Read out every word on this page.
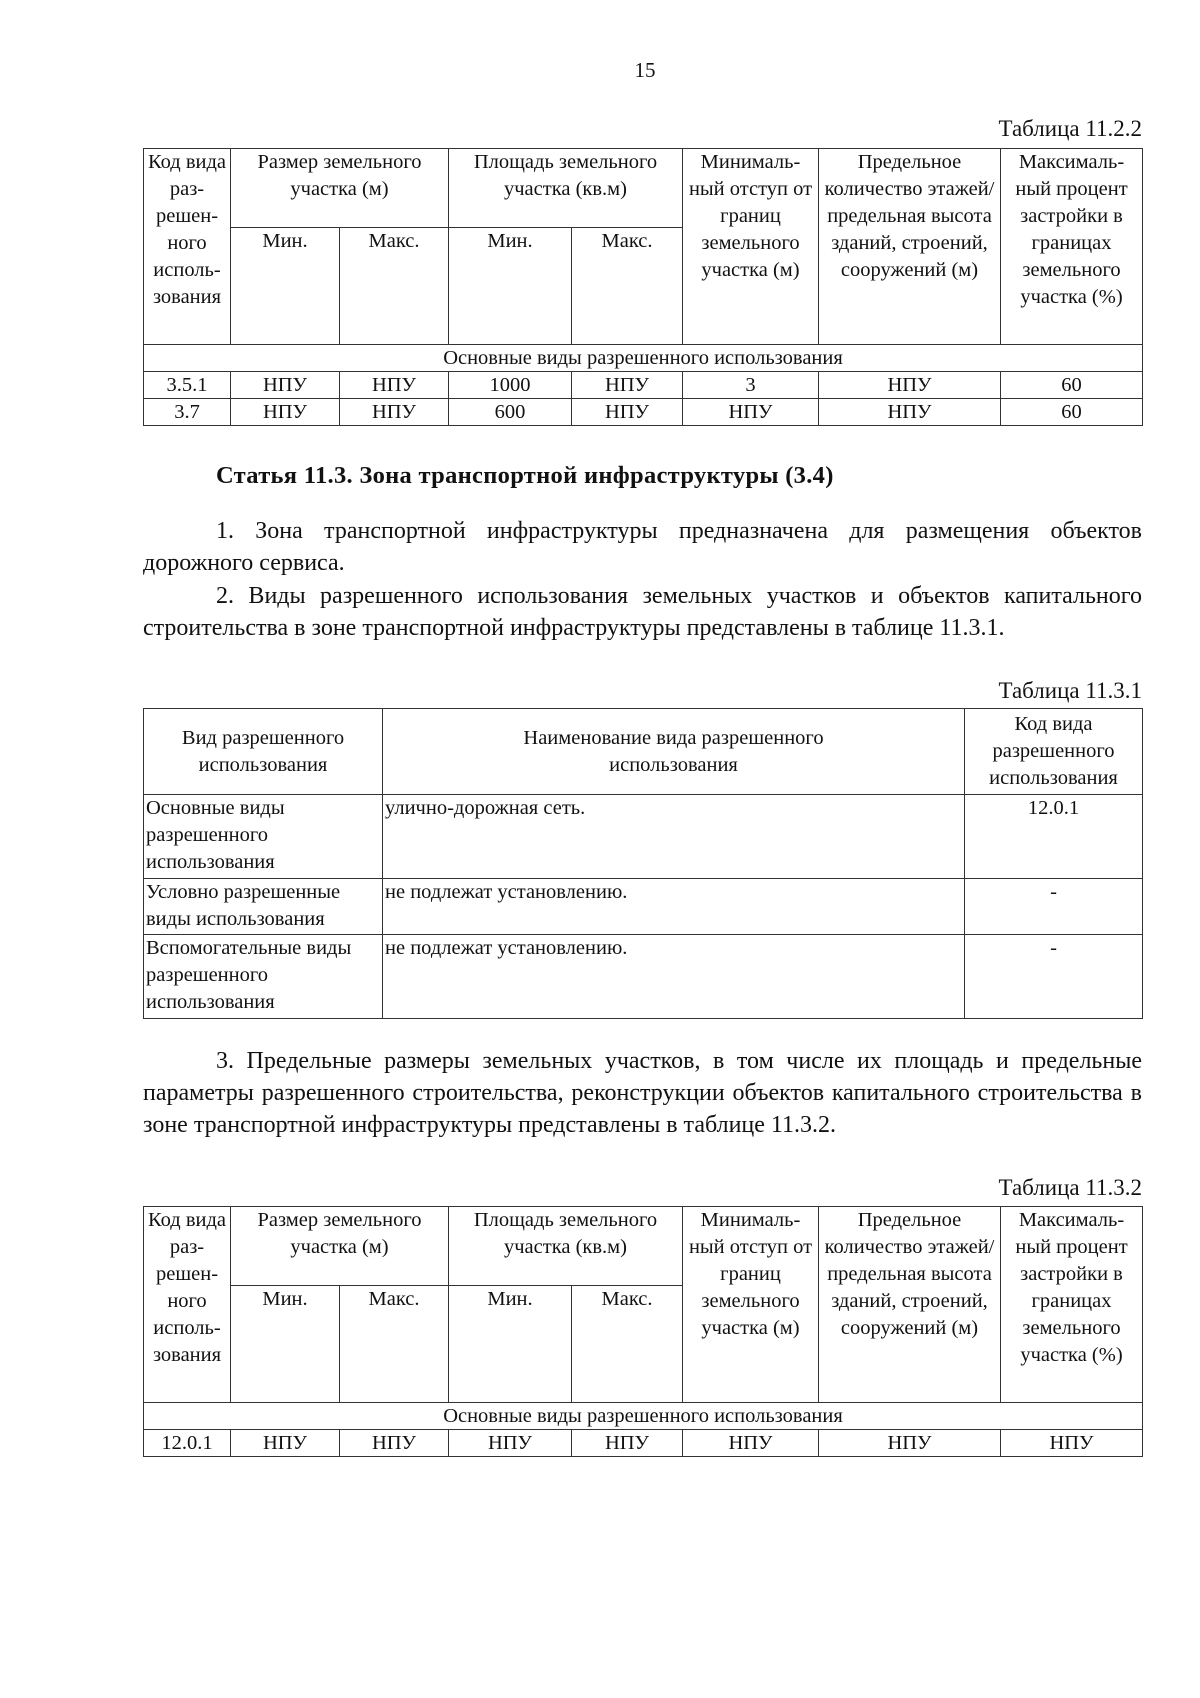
15
Таблица 11.2.2
Код вида раз-решен-ного исполь-зования	Размер земельного участка (м)		Площадь земельного участка (кв.м)		Минималь-ный отступ от границ земельного участка (м)	Предельное количество этажей/ предельная высота зданий, строений, сооружений (м)	Максималь-ный процент застройки в границах земельного участка (%)
	Мин.	Макс.	Мин.	Макс.			
Основные виды разрешенного использования							
3.5.1	НПУ	НПУ	1000	НПУ	3	НПУ	60
3.7	НПУ	НПУ	600	НПУ	НПУ	НПУ	60
Статья 11.3. Зона транспортной инфраструктуры (3.4)

1. Зона транспортной инфраструктуры предназначена для размещения объектов дорожного сервиса.

2. Виды разрешенного использования земельных участков и объектов капитального строительства в зоне транспортной инфраструктуры представлены в таблице 11.3.1.

Таблица 11.3.1
Вид разрешенного использования	Наименование вида разрешенного использования	Код вида разрешенного использования
Основные виды разрешенного использования	улично-дорожная сеть.	12.0.1
Условно разрешенные виды использования	не подлежат установлению.	-
Вспомогательные виды разрешенного использования	не подлежат установлению.	-

3. Предельные размеры земельных участков, в том числе их площадь и предельные параметры разрешенного строительства, реконструкции объектов капитального строительства в зоне транспортной инфраструктуры представлены в таблице 11.3.2.

Таблица 11.3.2
Код вида раз-решен-ного исполь-зования	Размер земельного участка (м)		Площадь земельного участка (кв.м)		Минималь-ный отступ от границ земельного участка (м)	Предельное количество этажей/ предельная высота зданий, строений, сооружений (м)	Максималь-ный процент застройки в границах земельного участка (%)
	Мин.	Макс.	Мин.	Макс.			
Основные виды разрешенного использования							
12.0.1	НПУ	НПУ	НПУ	НПУ	НПУ	НПУ	НПУ
